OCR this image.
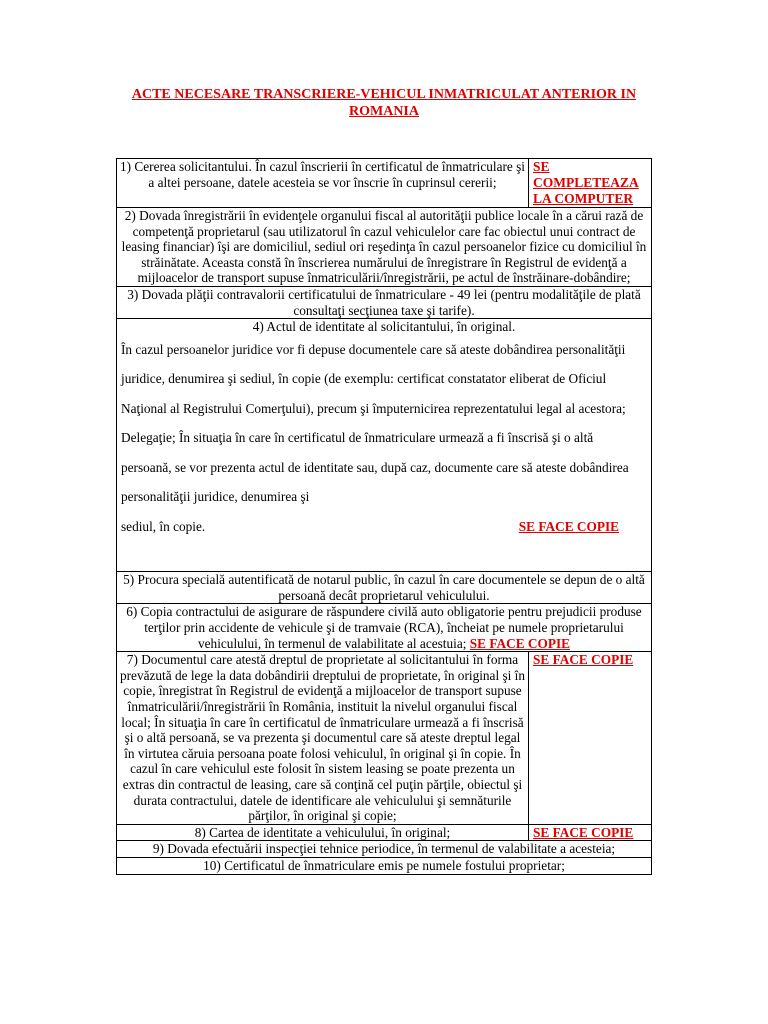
ACTE NECESARE TRANSCRIERE-VEHICUL INMATRICULAT ANTERIOR IN ROMANIA
1) Cererea solicitantului. În cazul înscrierii în certificatul de înmatriculare şi a altei persoane, datele acesteia se vor înscrie în cuprinsul cererii;	SE COMPLETEAZA LA COMPUTER
2) Dovada înregistrării în evidenţele organului fiscal al autorităţii publice locale în a cărui rază de competenţă proprietarul (sau utilizatorul în cazul vehiculelor care fac obiectul unui contract de leasing financiar) îşi are domiciliul, sediul ori reşedinţa în cazul persoanelor fizice cu domiciliul în străinătate. Aceasta constă în înscrierea numărului de înregistrare în Registrul de evidenţă a mijloacelor de transport supuse înmatriculării/înregistrării, pe actul de înstrăinare-dobândire;	
3) Dovada plăţii contravalorii certificatului de înmatriculare - 49 lei (pentru modalităţile de plată consultaţi secţiunea taxe şi tarife).	

4) Actul de identitate al solicitantului, în original.

În cazul persoanelor juridice vor fi depuse documentele care să ateste dobândirea personalităţii juridice, denumirea şi sediul, în copie (de exemplu: certificat constatator eliberat de Oficiul Naţional al Registrului Comerţului), precum şi împuternicirea reprezentatului legal al acestora; Delegaţie; În situaţia în care în certificatul de înmatriculare urmează a fi înscrisă şi o altă persoană, se vor prezenta actul de identitate sau, după caz, documente care să ateste dobândirea personalităţii juridice, denumirea şi

sediul, în copie. SE FACE COPIE	

5) Procura specială autentificată de notarul public, în cazul în care documentele se depun de o altă persoană decât proprietarul vehiculului.	
6) Copia contractului de asigurare de răspundere civilă auto obligatorie pentru prejudicii produse terţilor prin accidente de vehicule şi de tramvaie (RCA), încheiat pe numele proprietarului vehiculului, în termenul de valabilitate al acestuia; SE FACE COPIE	
7) Documentul care atestă dreptul de proprietate al solicitantului în forma prevăzută de lege la data dobândirii dreptului de proprietate, în original şi în copie, înregistrat în Registrul de evidenţă a mijloacelor de transport supuse înmatriculării/înregistrării în România, instituit la nivelul organului fiscal local; În situaţia în care în certificatul de înmatriculare urmează a fi înscrisă şi o altă persoană, se va prezenta şi documentul care să ateste dreptul legal în virtutea căruia persoana poate folosi vehiculul, în original şi în copie. În cazul în care vehiculul este folosit în sistem leasing se poate prezenta un extras din contractul de leasing, care să conţină cel puţin părţile, obiectul şi durata contractului, datele de identificare ale vehiculului şi semnăturile părţilor, în original şi copie;	SE FACE COPIE
8) Cartea de identitate a vehiculului, în original;	SE FACE COPIE
9) Dovada efectuării inspecţiei tehnice periodice, în termenul de valabilitate a acesteia;	
10) Certificatul de înmatriculare emis pe numele fostului proprietar;	
